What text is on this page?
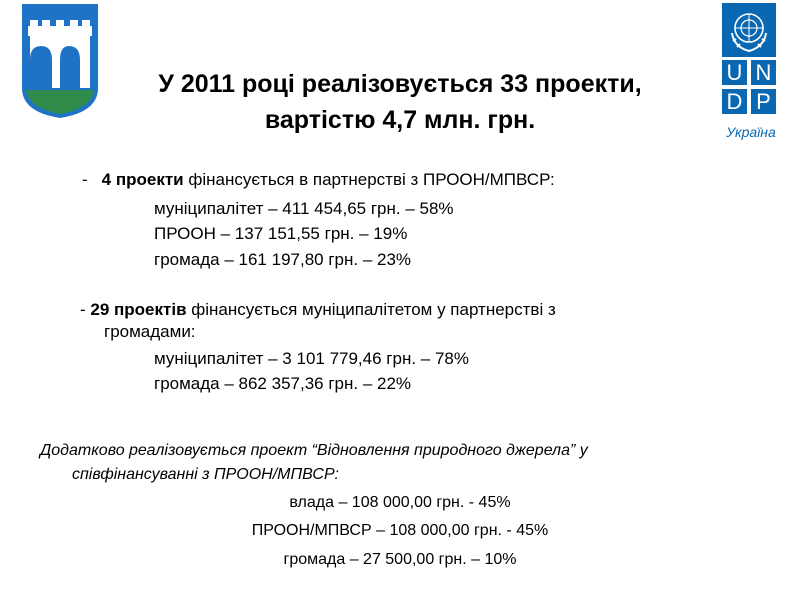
U N
D P
Україна
У 2011 році реалізовується 33 проекти,
вартістю 4,7 млн. грн.
- 4 проекти фінансується в партнерстві з ПРООН/МПВСР:
муніципалітет – 411 454,65 грн. – 58%
ПРООН – 137 151,55 грн. – 19%
громада – 161 197,80 грн. – 23%
- 29 проектів фінансується муніципалітетом у партнерстві з
громадами:
муніципалітет – 3 101 779,46 грн. – 78%
громада – 862 357,36 грн. – 22%
Додатково реалізовується проект “Відновлення природного джерела” у
співфінансуванні з ПРООН/МПВСР:
влада – 108 000,00 грн. - 45%
ПРООН/МПВСР – 108 000,00 грн. - 45%
громада – 27 500,00 грн. – 10%
